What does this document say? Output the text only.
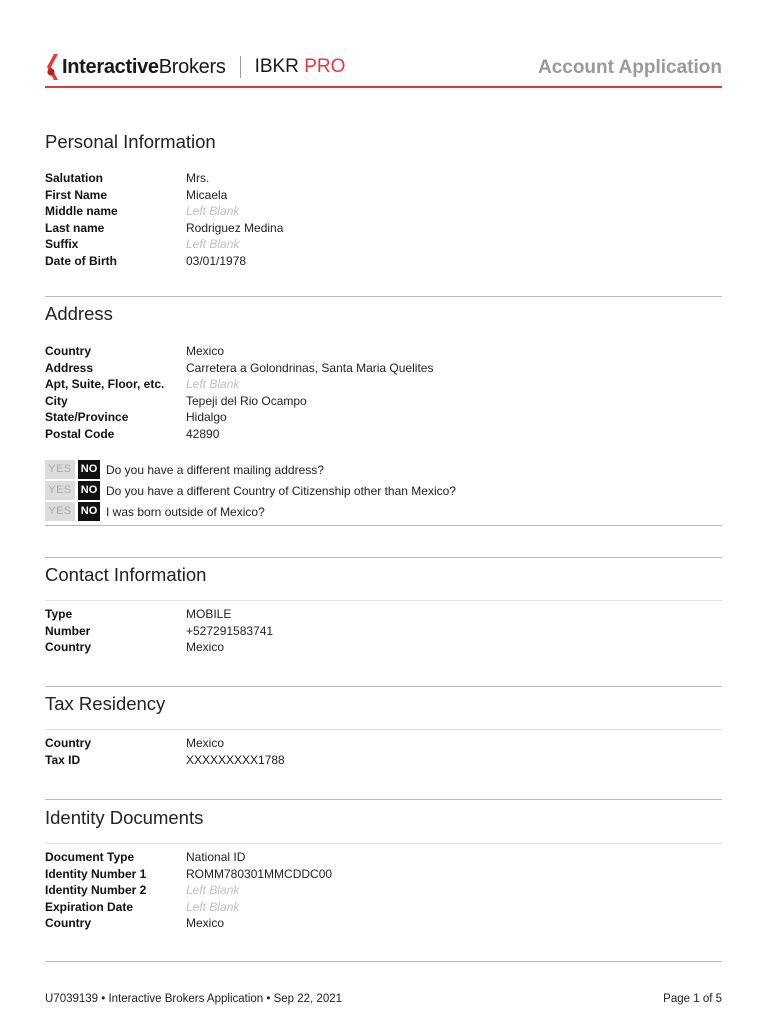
InteractiveBrokers IBKR PRO	Account Application
Personal Information
Salutation	Mrs.
First Name	Micaela
Middle name	Left Blank
Last name	Rodriguez Medina
Suffix	Left Blank
Date of Birth	03/01/1978
Address
Country	Mexico
Address	Carretera a Golondrinas, Santa Maria Quelites
Apt, Suite, Floor, etc.	Left Blank
City	Tepeji del Rio Ocampo
State/Province	Hidalgo
Postal Code	42890
YES NO Do you have a different mailing address?
YES NO Do you have a different Country of Citizenship other than Mexico?
YES NO I was born outside of Mexico?
Contact Information
Type	MOBILE
Number	+527291583741
Country	Mexico
Tax Residency
Country	Mexico
Tax ID	XXXXXXXXX1788
Identity Documents
Document Type	National ID
Identity Number 1	ROMM780301MMCDDC00
Identity Number 2	Left Blank
Expiration Date	Left Blank
Country	Mexico
U7039139 • Interactive Brokers Application • Sep 22, 2021	Page 1 of 5
